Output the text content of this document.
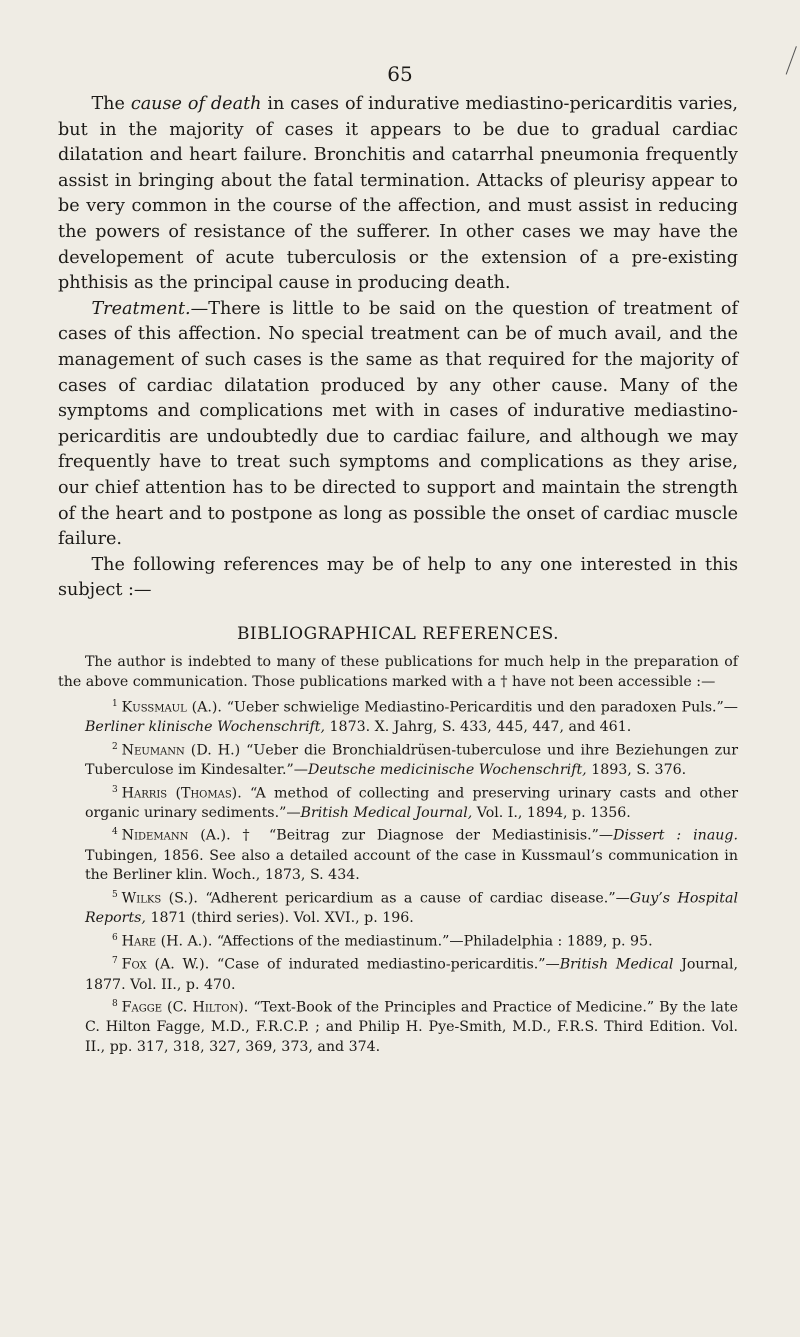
65

The cause of death in cases of indurative mediastino-pericarditis varies, but in the majority of cases it appears to be due to gradual cardiac dilatation and heart failure. Bronchitis and catarrhal pneumonia frequently assist in bringing about the fatal termination. Attacks of pleurisy appear to be very common in the course of the affection, and must assist in reducing the powers of resistance of the sufferer. In other cases we may have the developement of acute tuberculosis or the extension of a pre-existing phthisis as the principal cause in producing death.

Treatment.—There is little to be said on the question of treatment of cases of this affection. No special treatment can be of much avail, and the management of such cases is the same as that required for the majority of cases of cardiac dilatation produced by any other cause. Many of the symptoms and complications met with in cases of indurative mediastino-pericarditis are undoubtedly due to cardiac failure, and although we may frequently have to treat such symptoms and complications as they arise, our chief attention has to be directed to support and maintain the strength of the heart and to postpone as long as possible the onset of cardiac muscle failure.

The following references may be of help to any one interested in this subject :—

BIBLIOGRAPHICAL REFERENCES.

The author is indebted to many of these publications for much help in the preparation of the above communication. Those publications marked with a † have not been accessible :—

$^1$ Kussmaul (A.). “Ueber schwielige Mediastino-Pericarditis und den paradoxen Puls.”—Berliner klinische Wochenschrift, 1873. X. Jahrg, S. 433, 445, 447, and 461.

$^2$ Neumann (D. H.) “Ueber die Bronchialdrüsen-tuberculose und ihre Beziehungen zur Tuberculose im Kindesalter.”—Deutsche medicinische Wochenschrift, 1893, S. 376.

$^3$ Harris (Thomas). “A method of collecting and preserving urinary casts and other organic urinary sediments.”—British Medical Journal, Vol. I., 1894, p. 1356.

$^4$ Nidemann (A.). † “Beitrag zur Diagnose der Mediastinisis.”—Dissert : inaug. Tubingen, 1856. See also a detailed account of the case in Kussmaul’s communication in the Berliner klin. Woch., 1873, S. 434.

$^5$ Wilks (S.). “Adherent pericardium as a cause of cardiac disease.”—Guy’s Hospital Reports, 1871 (third series). Vol. XVI., p. 196.

$^6$ Hare (H. A.). “Affections of the mediastinum.”—Philadelphia : 1889, p. 95.

$^7$ Fox (A. W.). “Case of indurated mediastino-pericarditis.”—British Medical Journal, 1877. Vol. II., p. 470.

$^8$ Fagge (C. Hilton). “Text-Book of the Principles and Practice of Medicine.” By the late C. Hilton Fagge, M.D., F.R.C.P. ; and Philip H. Pye-Smith, M.D., F.R.S. Third Edition. Vol. II., pp. 317, 318, 327, 369, 373, and 374.
